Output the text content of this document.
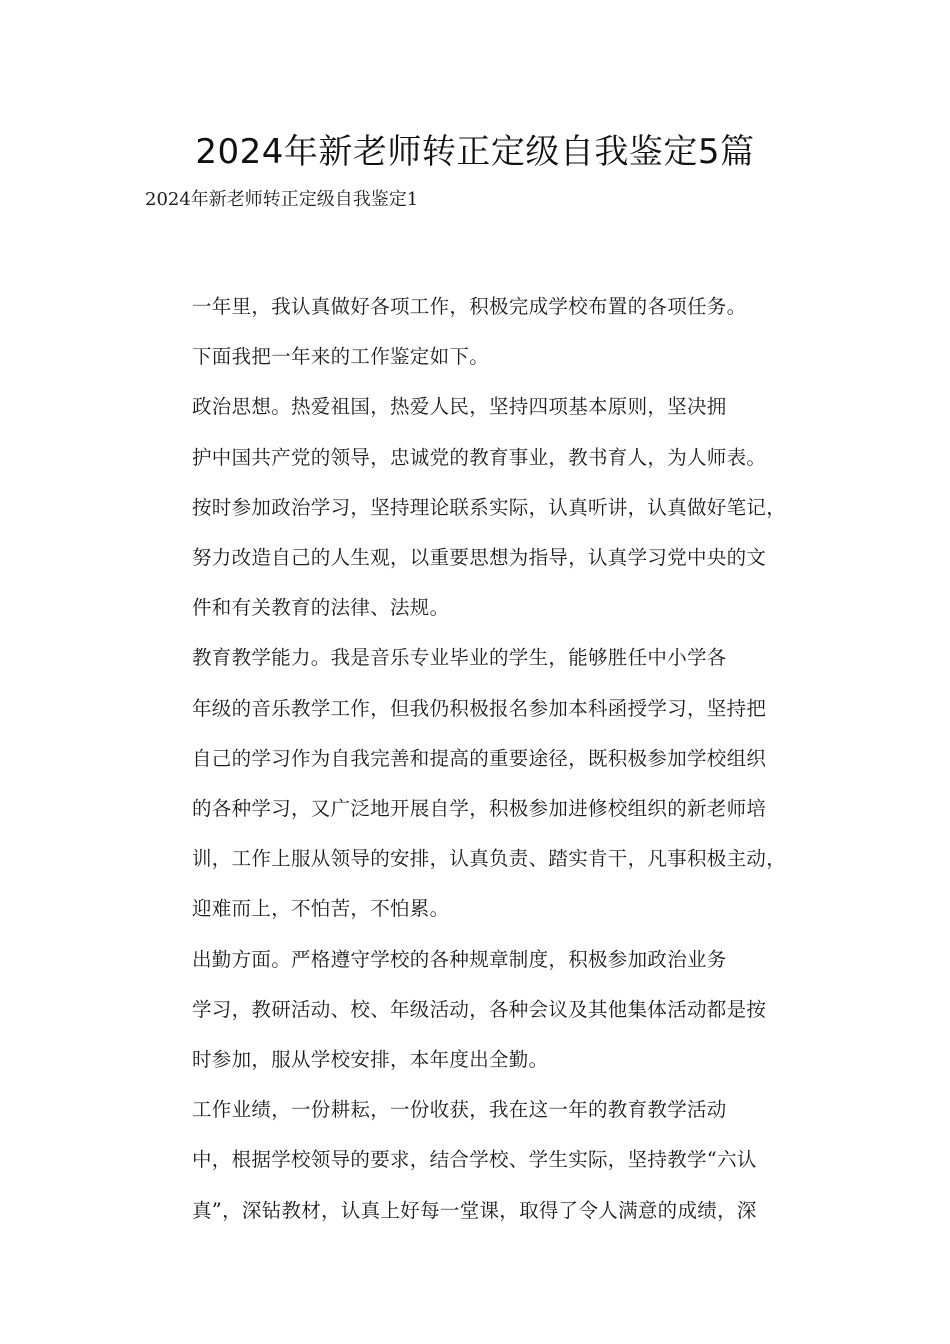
2024年新老师转正定级自我鉴定5篇
2024年新老师转正定级自我鉴定1

一年里，我认真做好各项工作，积极完成学校布置的各项任务。
下面我把一年来的工作鉴定如下。

政治思想。热爱祖国，热爱人民，坚持四项基本原则，坚决拥
护中国共产党的领导，忠诚党的教育事业，教书育人，为人师表。
按时参加政治学习，坚持理论联系实际，认真听讲，认真做好笔记，
努力改造自己的人生观，以重要思想为指导，认真学习党中央的文
件和有关教育的法律、法规。

教育教学能力。我是音乐专业毕业的学生，能够胜任中小学各
年级的音乐教学工作，但我仍积极报名参加本科函授学习，坚持把
自己的学习作为自我完善和提高的重要途径，既积极参加学校组织
的各种学习，又广泛地开展自学，积极参加进修校组织的新老师培
训，工作上服从领导的安排，认真负责、踏实肯干，凡事积极主动，
迎难而上，不怕苦，不怕累。

出勤方面。严格遵守学校的各种规章制度，积极参加政治业务
学习，教研活动、校、年级活动，各种会议及其他集体活动都是按
时参加，服从学校安排，本年度出全勤。

工作业绩，一份耕耘，一份收获，我在这一年的教育教学活动
中，根据学校领导的要求，结合学校、学生实际，坚持教学“六认
真”，深钻教材，认真上好每一堂课，取得了令人满意的成绩，深
